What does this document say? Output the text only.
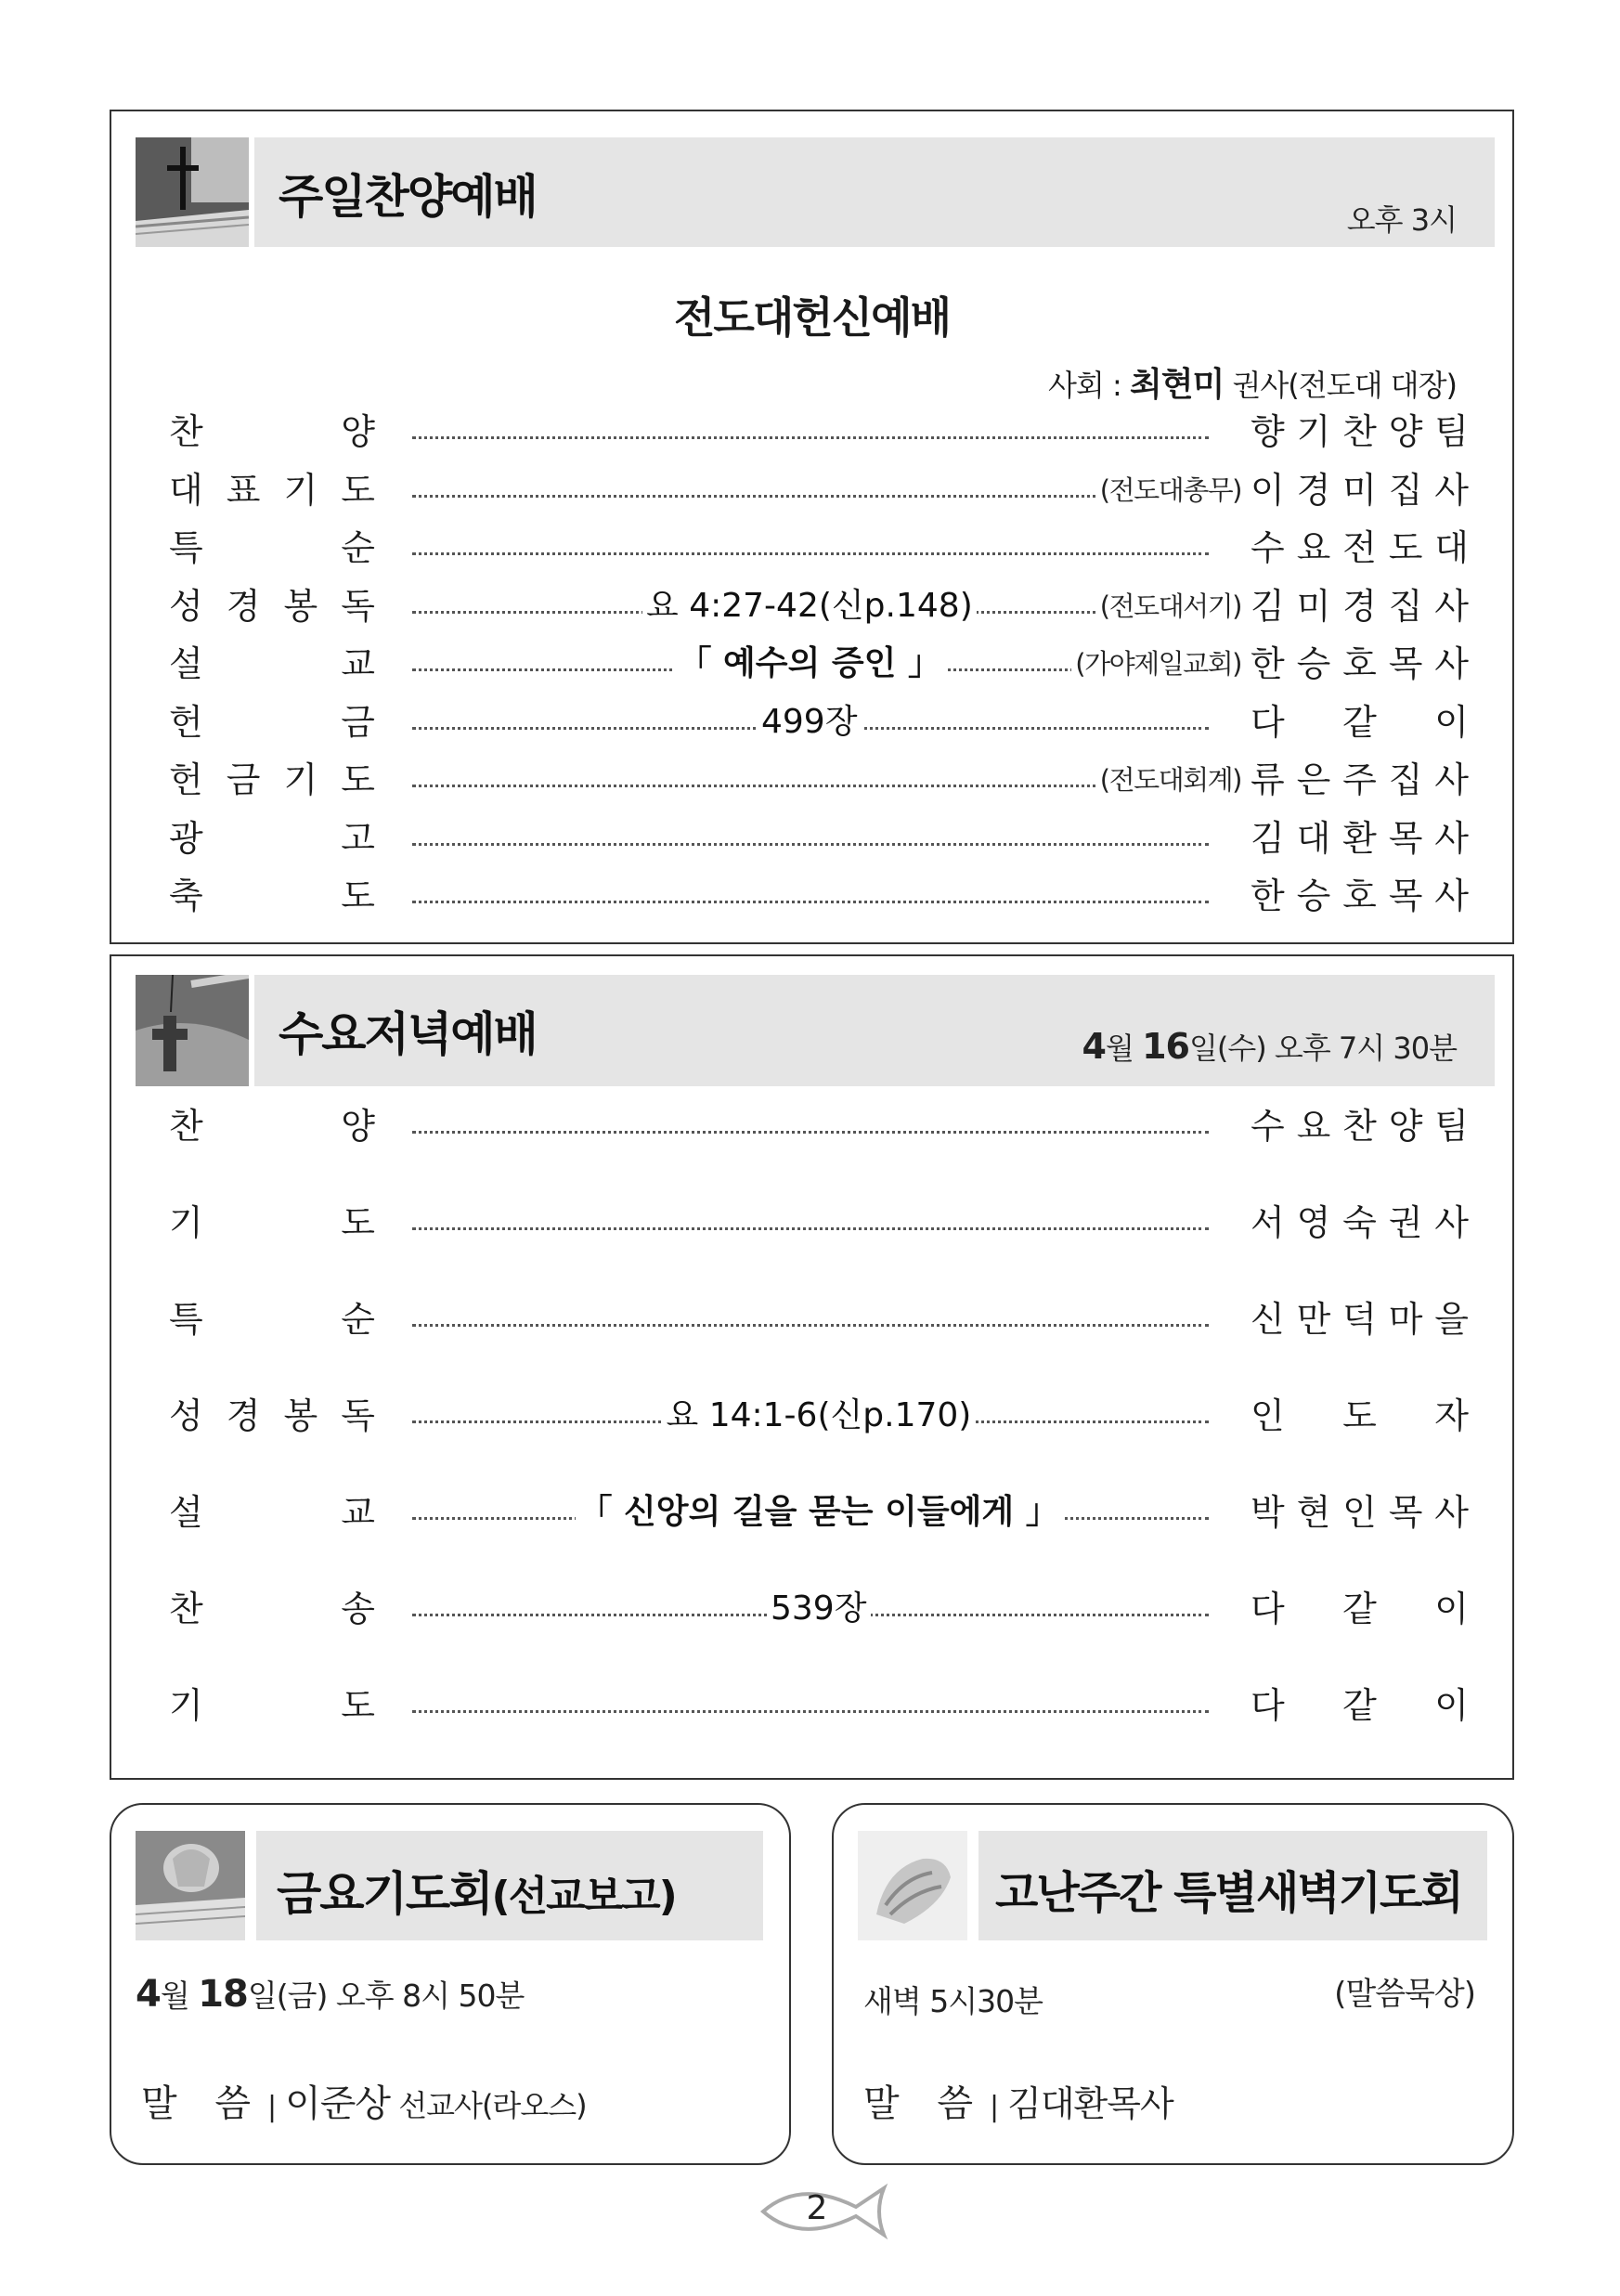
주일찬양예배	오후 3시
전도대헌신예배
사회 : 최현미 권사(전도대 대장)
찬	양	향 기 찬 양 팀
대 표 기 도	(전도대총무) 이 경 미 집 사
특	순	수 요 전 도 대
성 경 봉 독	요 4:27-42(신p.148)	(전도대서기) 김 미 경 집 사
설	교	「 예수의 증인 」	(가야제일교회) 한 승 호 목 사
헌	금	499장	다 같 이
헌 금 기 도	(전도대회계) 류 은 주 집 사
광	고	김 대 환 목 사
축	도	한 승 호 목 사
수요저녁예배	4월 16일(수) 오후 7시 30분
찬	양	수 요 찬 양 팀
기	도	서 영 숙 권 사
특	순	신 만 덕 마 을
성 경 봉 독	요 14:1-6(신p.170)	인 도 자
설	교	「 신앙의 길을 묻는 이들에게 」	박 현 인 목 사
찬	송	539장	다 같 이
기	도	다 같 이
금요기도회(선교보고)
4월 18일(금) 오후 8시 50분
말 씀 | 이준상 선교사(라오스)
고난주간 특별새벽기도회
새벽 5시30분	(말씀묵상)
말 씀 | 김대환목사
2
